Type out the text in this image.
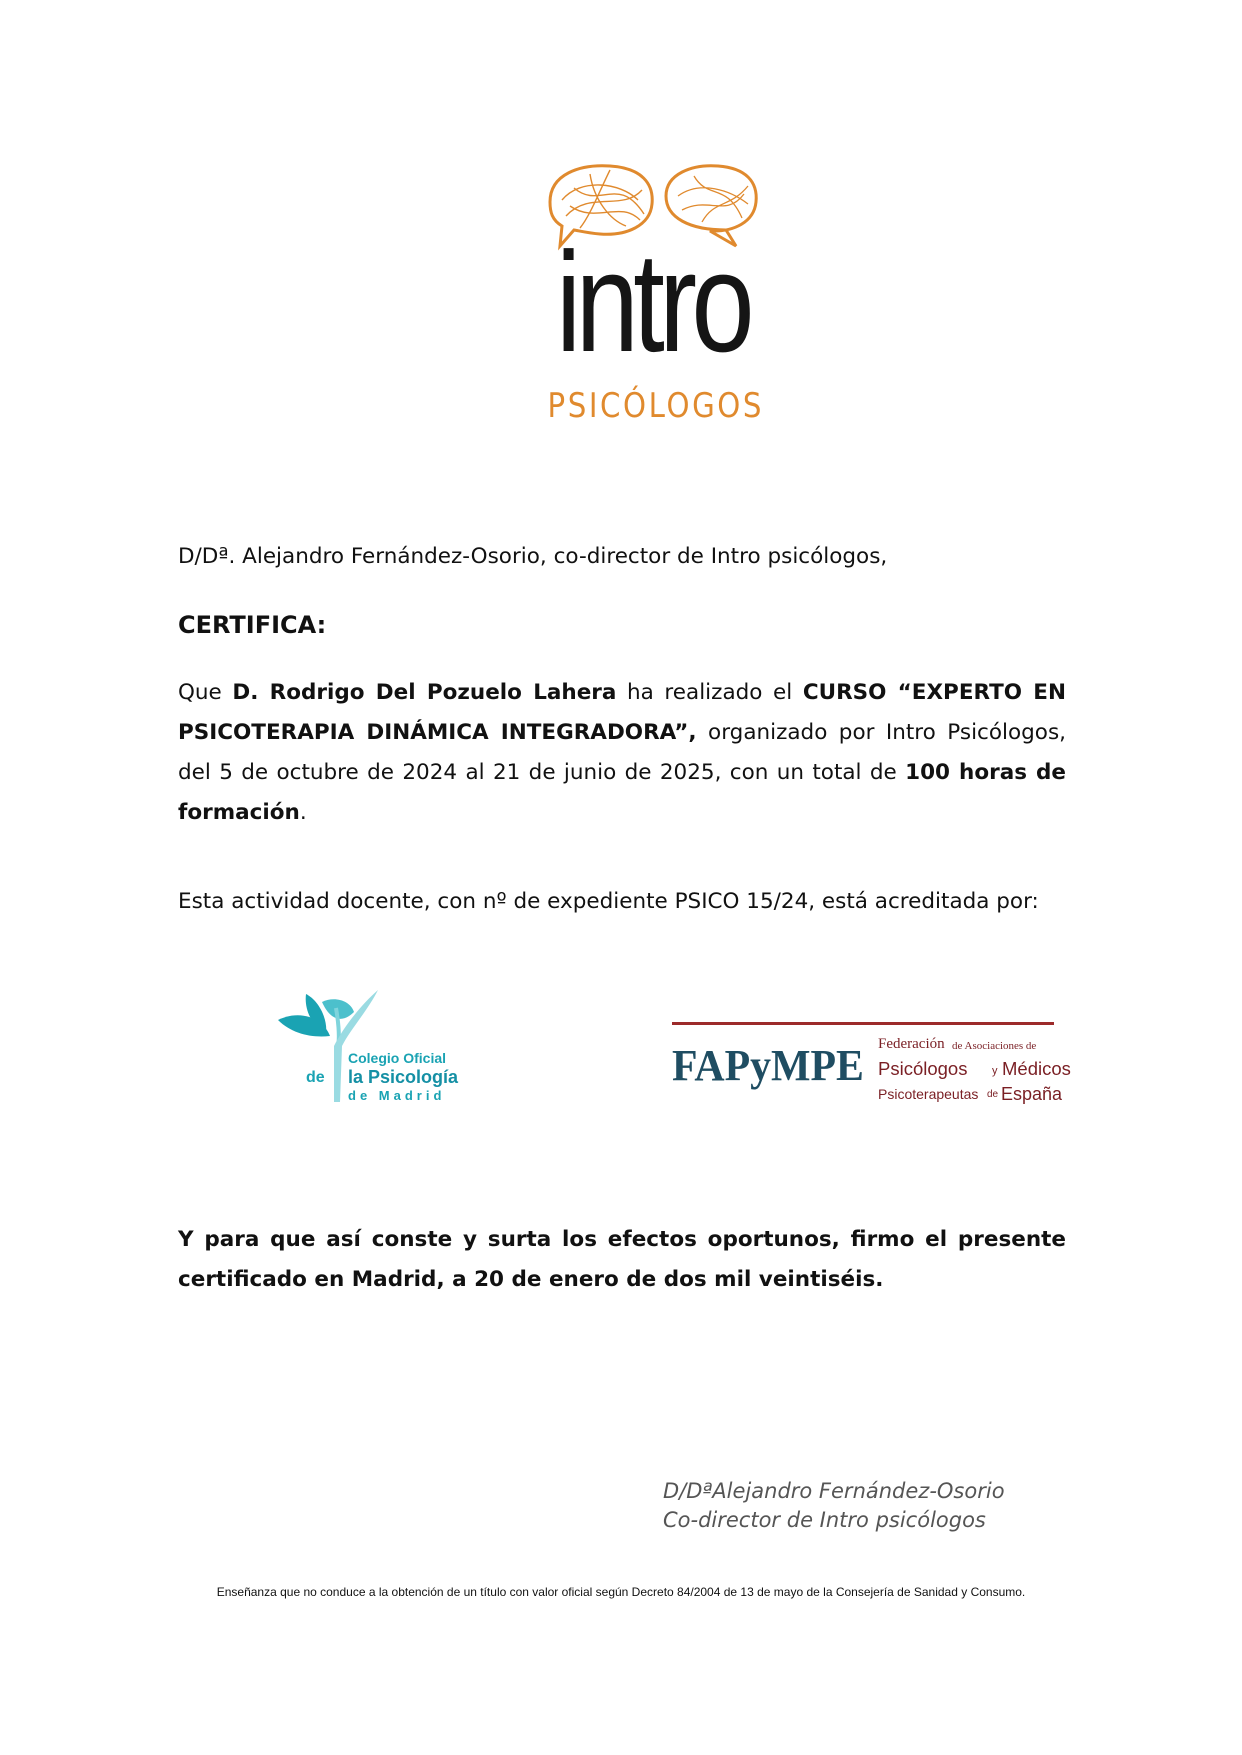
intro
PSICÓLOGOS
D/Dª. Alejandro Fernández-Osorio, co-director de Intro psicólogos,
CERTIFICA:
Que D. Rodrigo Del Pozuelo Lahera ha realizado el CURSO “EXPERTO EN PSICOTERAPIA DINÁMICA INTEGRADORA”, organizado por Intro Psicólogos, del 5 de octubre de 2024 al 21 de junio de 2025, con un total de 100 horas de formación.
Esta actividad docente, con nº de expediente PSICO 15/24, está acreditada por:
Colegio Oficial
de la Psicología
de Madrid
FAPyMPE Federación de Asociaciones de
Psicólogos y Médicos
Psicoterapeutas de España
Y para que así conste y surta los efectos oportunos, firmo el presente certificado en Madrid, a 20 de enero de dos mil veintiséis.
D/DªAlejandro Fernández-Osorio
Co-director de Intro psicólogos
Enseñanza que no conduce a la obtención de un título con valor oficial según Decreto 84/2004 de 13 de mayo de la Consejería de Sanidad y Consumo.
